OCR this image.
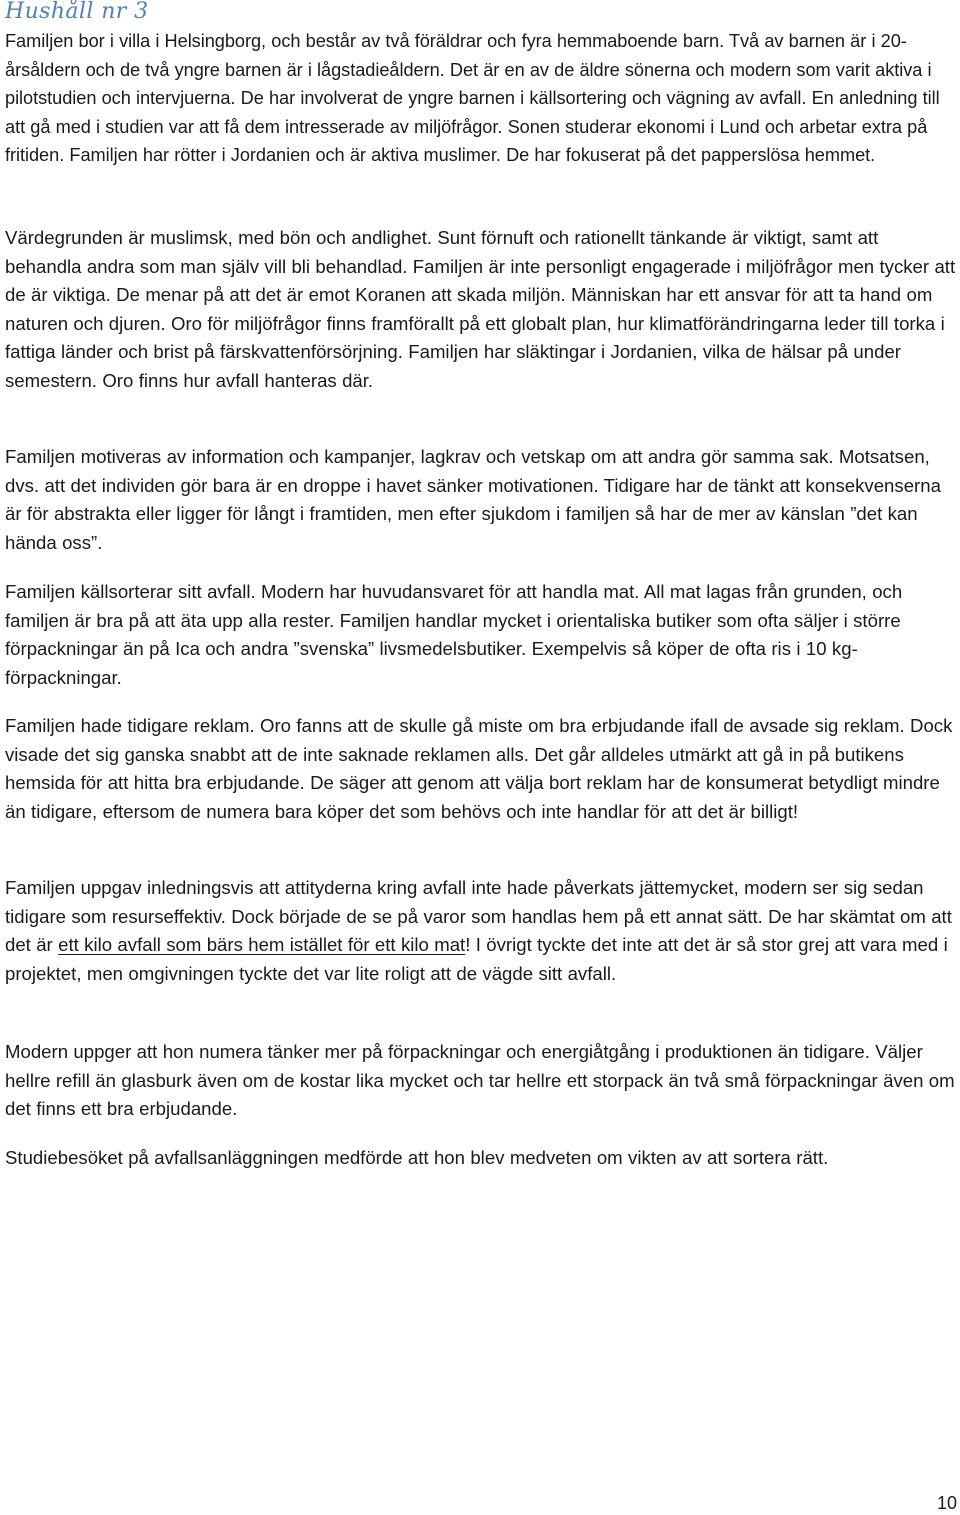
Hushåll nr 3

Familjen bor i villa i Helsingborg, och består av två föräldrar och fyra hemmaboende barn. Två av barnen är i 20-årsåldern och de två yngre barnen är i lågstadieåldern. Det är en av de äldre sönerna och modern som varit aktiva i pilotstudien och intervjuerna. De har involverat de yngre barnen i källsortering och vägning av avfall. En anledning till att gå med i studien var att få dem intresserade av miljöfrågor. Sonen studerar ekonomi i Lund och arbetar extra på fritiden. Familjen har rötter i Jordanien och är aktiva muslimer. De har fokuserat på det papperslösa hemmet.

Värdegrunden är muslimsk, med bön och andlighet. Sunt förnuft och rationellt tänkande är viktigt, samt att behandla andra som man själv vill bli behandlad. Familjen är inte personligt engagerade i miljöfrågor men tycker att de är viktiga. De menar på att det är emot Koranen att skada miljön. Människan har ett ansvar för att ta hand om naturen och djuren. Oro för miljöfrågor finns framförallt på ett globalt plan, hur klimatförändringarna leder till torka i fattiga länder och brist på färskvattenförsörjning. Familjen har släktingar i Jordanien, vilka de hälsar på under semestern. Oro finns hur avfall hanteras där.

Familjen motiveras av information och kampanjer, lagkrav och vetskap om att andra gör samma sak. Motsatsen, dvs. att det individen gör bara är en droppe i havet sänker motivationen. Tidigare har de tänkt att konsekvenserna är för abstrakta eller ligger för långt i framtiden, men efter sjukdom i familjen så har de mer av känslan ”det kan hända oss”.

Familjen källsorterar sitt avfall. Modern har huvudansvaret för att handla mat. All mat lagas från grunden, och familjen är bra på att äta upp alla rester. Familjen handlar mycket i orientaliska butiker som ofta säljer i större förpackningar än på Ica och andra ”svenska” livsmedelsbutiker. Exempelvis så köper de ofta ris i 10 kg-förpackningar.

Familjen hade tidigare reklam. Oro fanns att de skulle gå miste om bra erbjudande ifall de avsade sig reklam. Dock visade det sig ganska snabbt att de inte saknade reklamen alls. Det går alldeles utmärkt att gå in på butikens hemsida för att hitta bra erbjudande. De säger att genom att välja bort reklam har de konsumerat betydligt mindre än tidigare, eftersom de numera bara köper det som behövs och inte handlar för att det är billigt!

Familjen uppgav inledningsvis att attityderna kring avfall inte hade påverkats jättemycket, modern ser sig sedan tidigare som resurseffektiv. Dock började de se på varor som handlas hem på ett annat sätt. De har skämtat om att det är ett kilo avfall som bärs hem istället för ett kilo mat! I övrigt tyckte det inte att det är så stor grej att vara med i projektet, men omgivningen tyckte det var lite roligt att de vägde sitt avfall.

Modern uppger att hon numera tänker mer på förpackningar och energiåtgång i produktionen än tidigare. Väljer hellre refill än glasburk även om de kostar lika mycket och tar hellre ett storpack än två små förpackningar även om det finns ett bra erbjudande.

Studiebesöket på avfallsanläggningen medförde att hon blev medveten om vikten av att sortera rätt.

10
